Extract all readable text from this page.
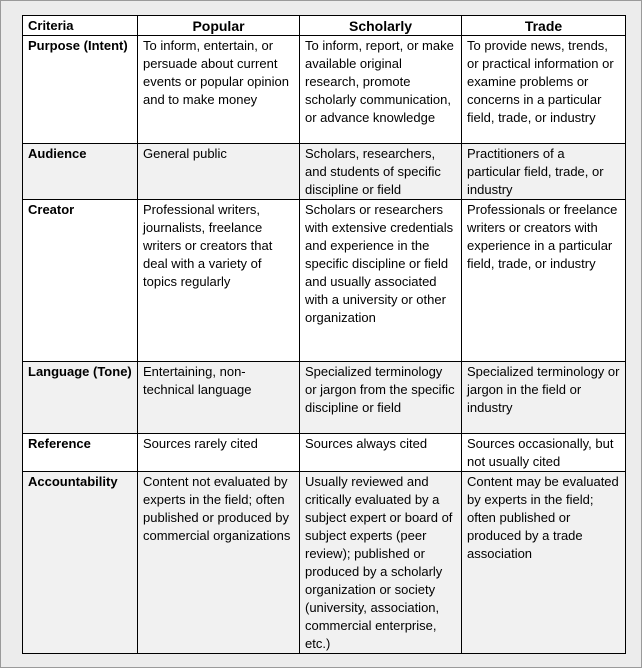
Criteria	Popular	Scholarly	Trade
Purpose (Intent)	To inform, entertain, or persuade about current events or popular opinion and to make money	To inform, report, or make available original research, promote scholarly communication, or advance knowledge	To provide news, trends, or practical information or examine problems or concerns in a particular field, trade, or industry
Audience	General public	Scholars, researchers, and students of specific discipline or field	Practitioners of a particular field, trade, or industry
Creator	Professional writers, journalists, freelance writers or creators that deal with a variety of topics regularly	Scholars or researchers with extensive credentials and experience in the specific discipline or field and usually associated with a university or other organization	Professionals or freelance writers or creators with experience in a particular field, trade, or industry
Language (Tone)	Entertaining, non-technical language	Specialized terminology or jargon from the specific discipline or field	Specialized terminology or jargon in the field or industry
Reference	Sources rarely cited	Sources always cited	Sources occasionally, but not usually cited
Accountability	Content not evaluated by experts in the field; often published or produced by commercial organizations	Usually reviewed and critically evaluated by a subject expert or board of subject experts (peer review); published or produced by a scholarly organization or society (university, association, commercial enterprise, etc.)	Content may be evaluated by experts in the field; often published or produced by a trade association
